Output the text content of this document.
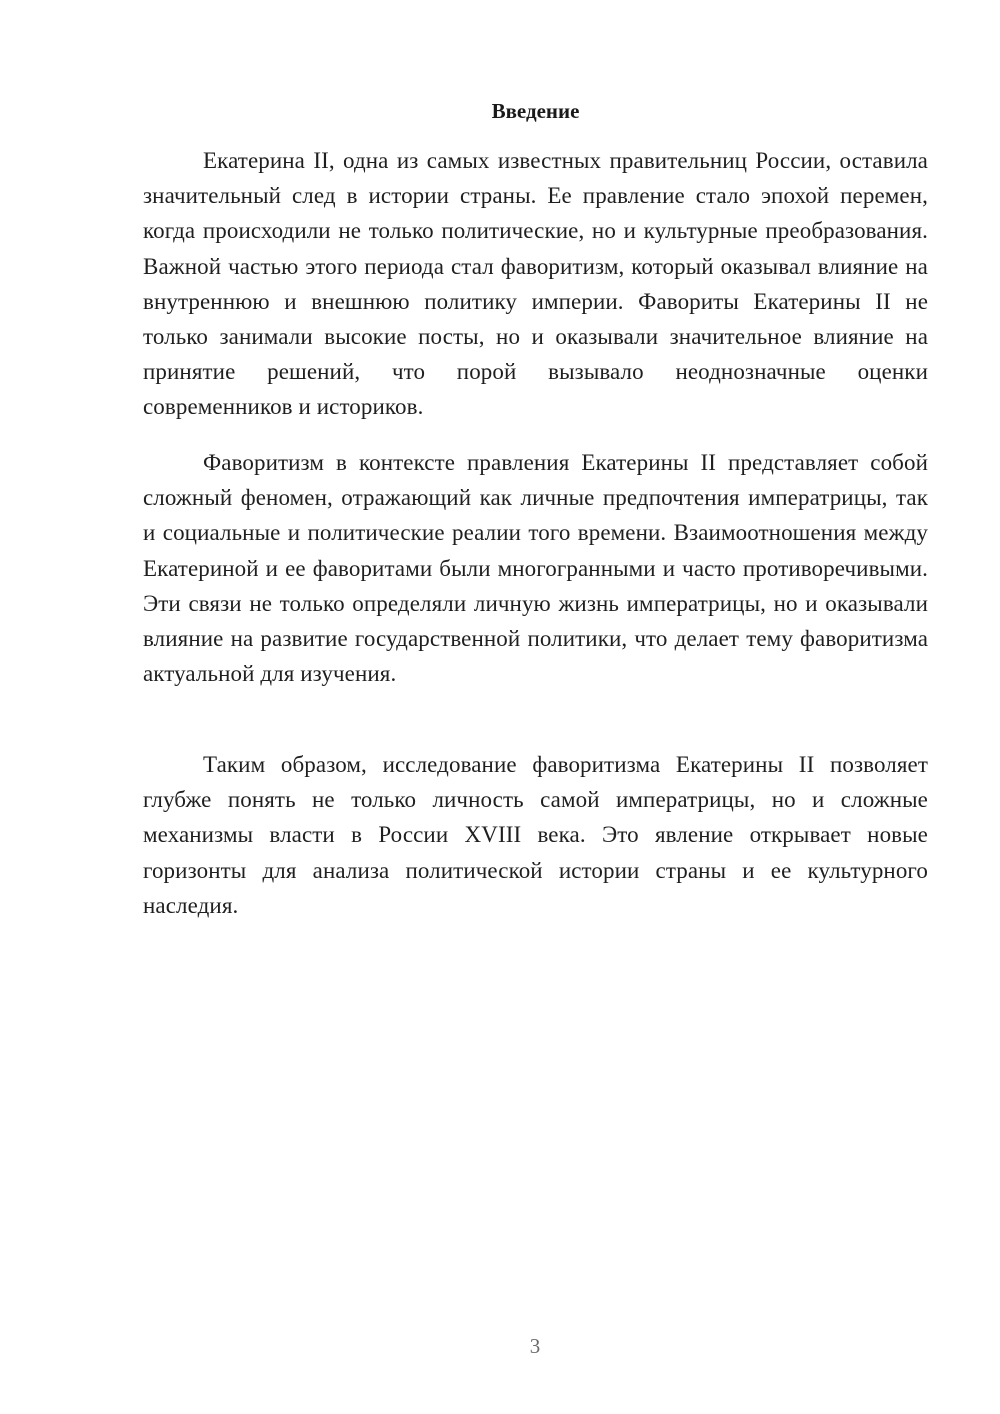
Введение

Екатерина II, одна из самых известных правительниц России, оставила значительный след в истории страны. Ее правление стало эпохой перемен, когда происходили не только политические, но и культурные преобразования. Важной частью этого периода стал фаворитизм, который оказывал влияние на внутреннюю и внешнюю политику империи. Фавориты Екатерины II не только занимали высокие посты, но и оказывали значительное влияние на принятие решений, что порой вызывало неоднозначные оценки современников и историков.

Фаворитизм в контексте правления Екатерины II представляет собой сложный феномен, отражающий как личные предпочтения императрицы, так и социальные и политические реалии того времени. Взаимоотношения между Екатериной и ее фаворитами были многогранными и часто противоречивыми. Эти связи не только определяли личную жизнь императрицы, но и оказывали влияние на развитие государственной политики, что делает тему фаворитизма актуальной для изучения.

Таким образом, исследование фаворитизма Екатерины II позволяет глубже понять не только личность самой императрицы, но и сложные механизмы власти в России XVIII века. Это явление открывает новые горизонты для анализа политической истории страны и ее культурного наследия.

3
